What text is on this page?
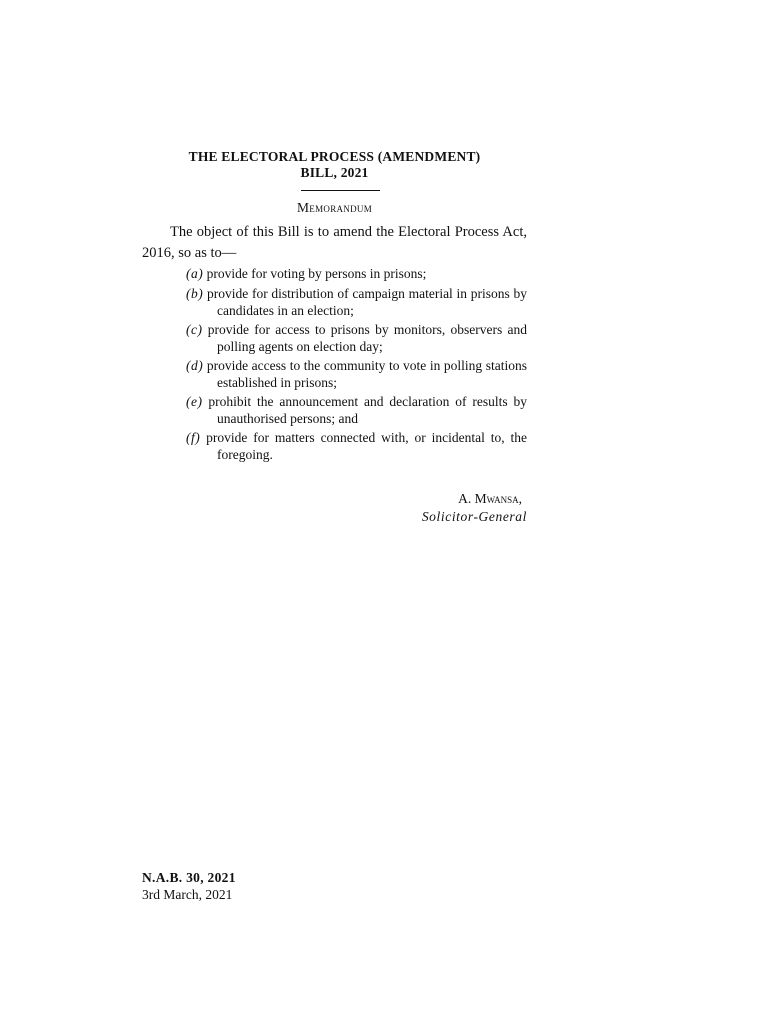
THE ELECTORAL PROCESS (AMENDMENT)
BILL, 2021
Memorandum

The object of this Bill is to amend the Electoral Process Act, 2016, so as to—

(a) provide for voting by persons in prisons;
(b) provide for distribution of campaign material in prisons by candidates in an election;
(c) provide for access to prisons by monitors, observers and polling agents on election day;
(d) provide access to the community to vote in polling stations established in prisons;
(e) prohibit the announcement and declaration of results by unauthorised persons; and
(f) provide for matters connected with, or incidental to, the foregoing.
A. Mwansa,
Solicitor-General
N.A.B. 30, 2021
3rd March, 2021
